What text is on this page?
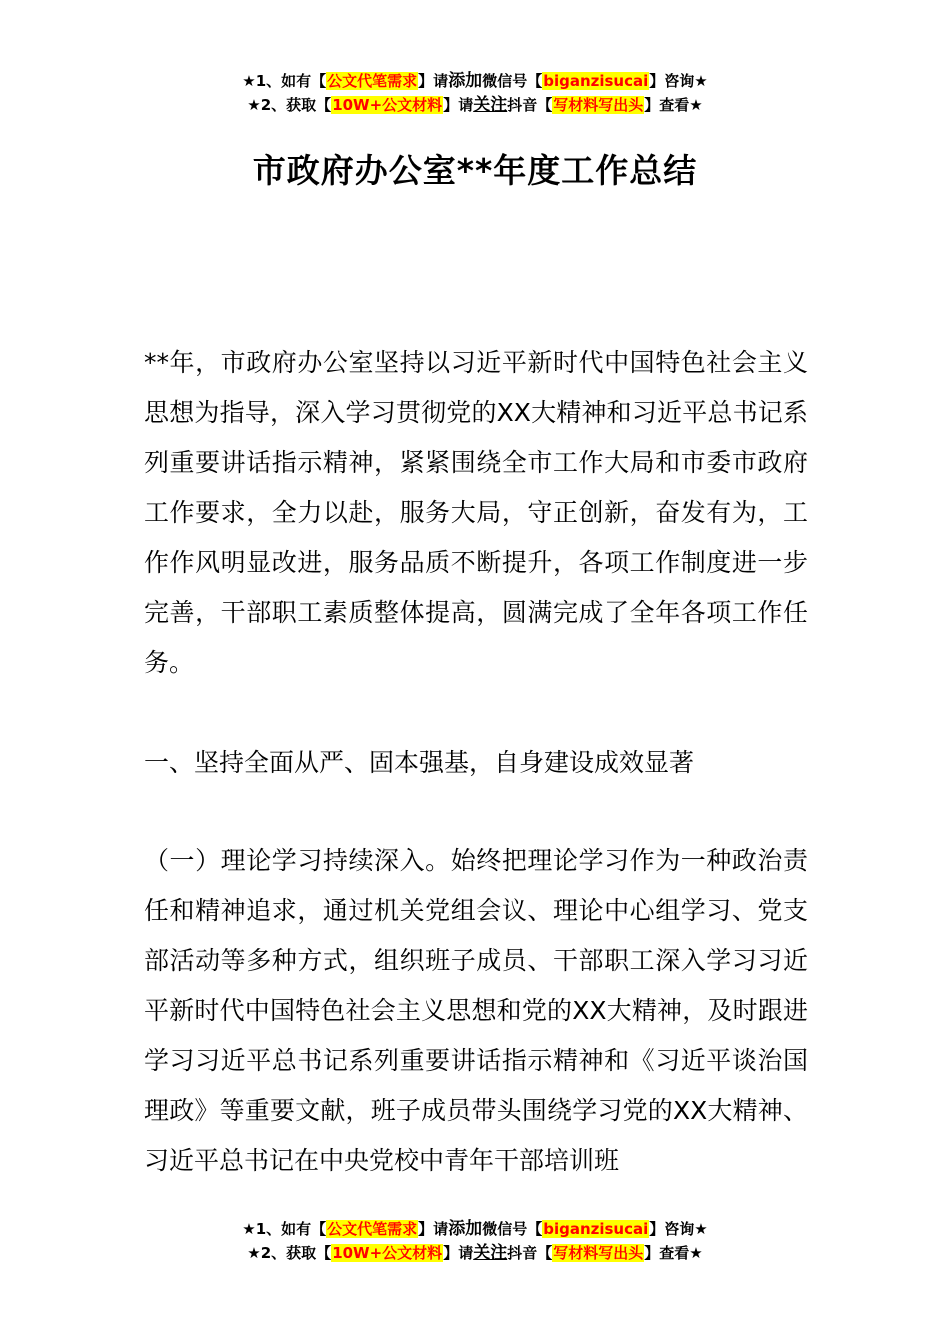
★1、如有【公文代笔需求】请添加微信号【biganzisucai】咨询★
★2、获取【10W+公文材料】请关注抖音【写材料写出头】查看★
市政府办公室**年度工作总结

**年，市政府办公室坚持以习近平新时代中国特色社会主义思想为指导，深入学习贯彻党的XX大精神和习近平总书记系列重要讲话指示精神，紧紧围绕全市工作大局和市委市政府工作要求，全力以赴，服务大局，守正创新，奋发有为，工作作风明显改进，服务品质不断提升，各项工作制度进一步完善，干部职工素质整体提高，圆满完成了全年各项工作任务。

一、坚持全面从严、固本强基，自身建设成效显著

（一）理论学习持续深入。始终把理论学习作为一种政治责任和精神追求，通过机关党组会议、理论中心组学习、党支部活动等多种方式，组织班子成员、干部职工深入学习习近平新时代中国特色社会主义思想和党的XX大精神，及时跟进学习习近平总书记系列重要讲话指示精神和《习近平谈治国理政》等重要文献，班子成员带头围绕学习党的XX大精神、习近平总书记在中央党校中青年干部培训班

★1、如有【公文代笔需求】请添加微信号【biganzisucai】咨询★
★2、获取【10W+公文材料】请关注抖音【写材料写出头】查看★
